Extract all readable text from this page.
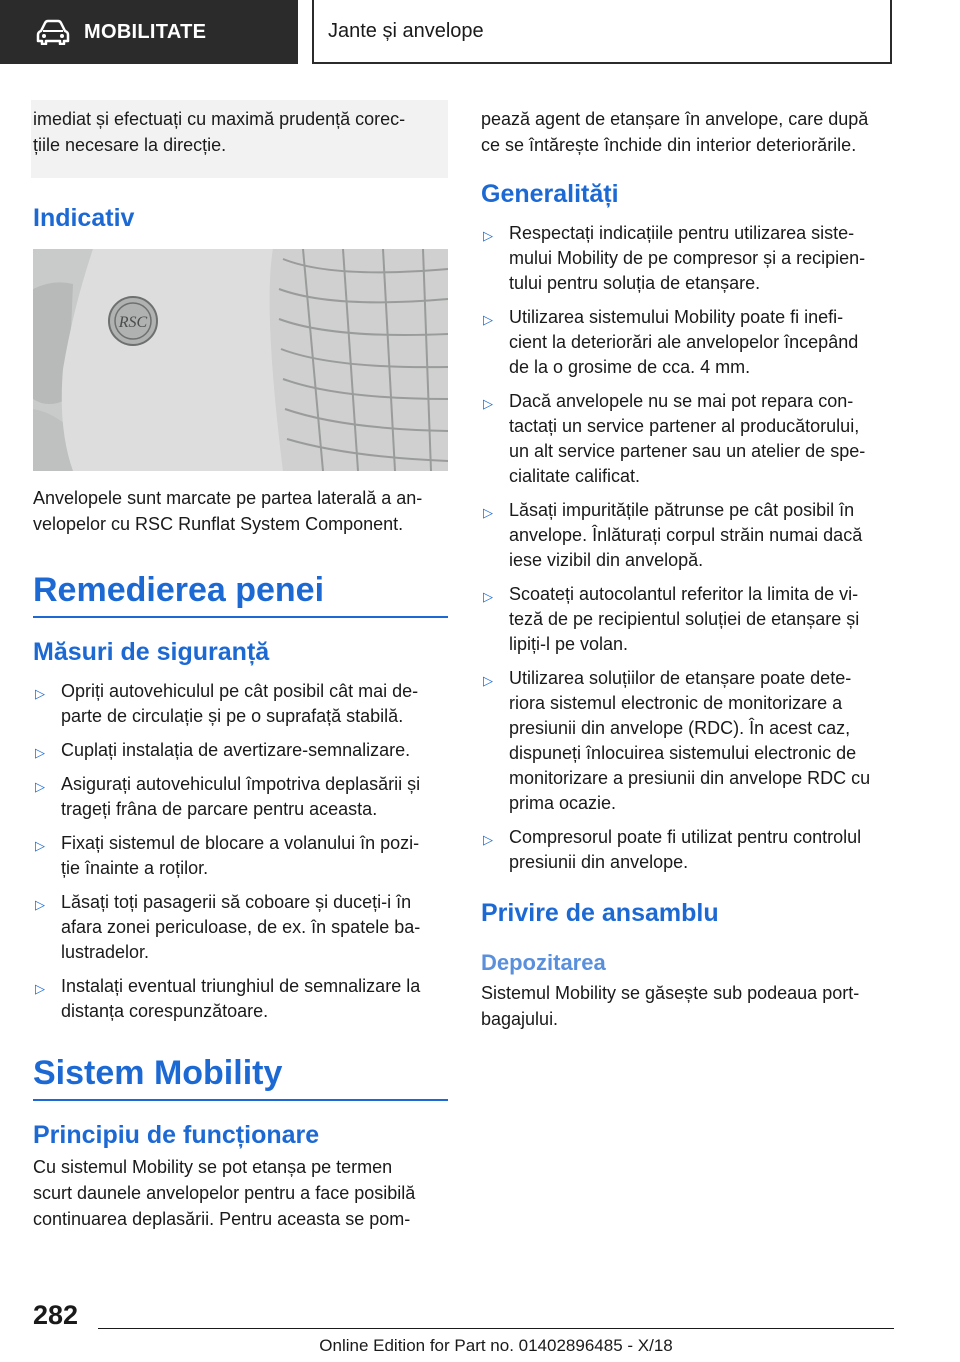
MOBILITATE	Jante și anvelope

imediat și efectuați cu maximă prudență corec-

țiile necesare la direcție.

Indicativ
RSC

Anvelopele sunt marcate pe partea laterală a an-

velopelor cu RSC Runflat System Component.

Remedierea penei
Măsuri de siguranță
▷ Opriți autovehiculul pe cât posibil cât mai de-
parte de circulație și pe o suprafață stabilă.
▷ Cuplați instalația de avertizare-semnalizare.
▷ Asigurați autovehiculul împotriva deplasării și
trageți frâna de parcare pentru aceasta.
▷ Fixați sistemul de blocare a volanului în pozi-
ție înainte a roților.
▷ Lăsați toți pasagerii să coboare și duceți-i în
afara zonei periculoase, de ex. în spatele ba-
lustradelor.
▷ Instalați eventual triunghiul de semnalizare la
distanța corespunzătoare.
Sistem Mobility
Principiu de funcționare

Cu sistemul Mobility se pot etanșa pe termen

scurt daunele anvelopelor pentru a face posibilă

continuarea deplasării. Pentru aceasta se pom-

pează agent de etanșare în anvelope, care după

ce se întărește închide din interior deteriorările.

Generalități
▷ Respectați indicațiile pentru utilizarea siste-
mului Mobility de pe compresor și a recipien-
tului pentru soluția de etanșare.
▷ Utilizarea sistemului Mobility poate fi inefi-
cient la deteriorări ale anvelopelor începând
de la o grosime de cca. 4 mm.
▷ Dacă anvelopele nu se mai pot repara con-
tactați un service partener al producătorului,
un alt service partener sau un atelier de spe-
cialitate calificat.
▷ Lăsați impuritățile pătrunse pe cât posibil în
anvelope. Înlăturați corpul străin numai dacă
iese vizibil din anvelopă.
▷ Scoateți autocolantul referitor la limita de vi-
teză de pe recipientul soluției de etanșare și
lipiți-l pe volan.
▷ Utilizarea soluțiilor de etanșare poate dete-
riora sistemul electronic de monitorizare a
presiunii din anvelope (RDC). În acest caz,
dispuneți înlocuirea sistemului electronic de
monitorizare a presiunii din anvelope RDC cu
prima ocazie.
▷ Compresorul poate fi utilizat pentru controlul
presiunii din anvelope.
Privire de ansamblu
Depozitarea

Sistemul Mobility se găsește sub podeaua port-

bagajului.

282
Online Edition for Part no. 01402896485 - X/18
